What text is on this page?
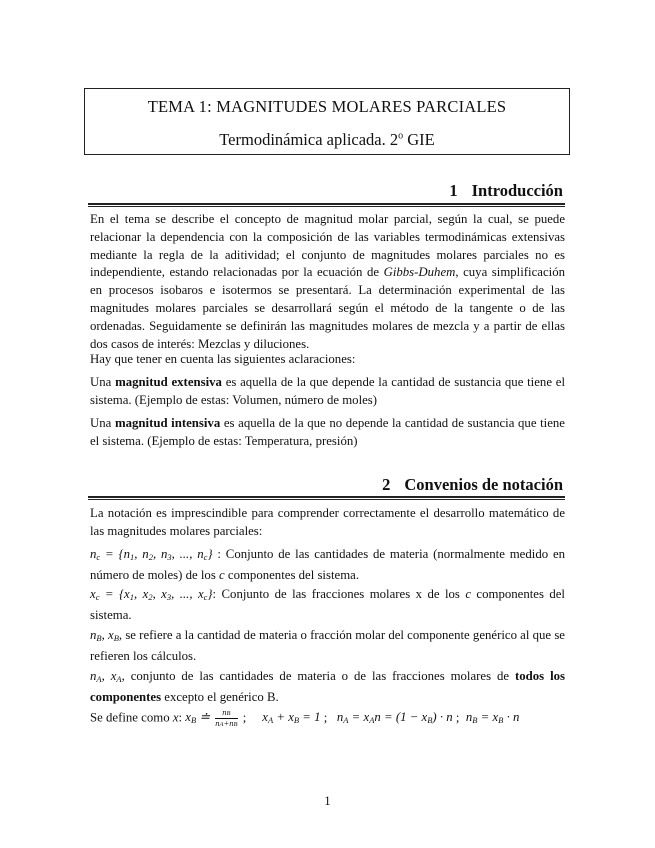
TEMA 1: MAGNITUDES MOLARES PARCIALES
Termodinámica aplicada. 2$^o$ GIE
1 Introducción
En el tema se describe el concepto de magnitud molar parcial, según la cual, se puede relacionar la dependencia con la composición de las variables termodinámicas extensivas mediante la regla de la aditividad; el conjunto de magnitudes molares parciales no es independiente, estando relacionadas por la ecuación de Gibbs-Duhem, cuya simplificación en procesos isobaros e isotermos se presentará. La determinación experimental de las magnitudes molares parciales se desarrollará según el método de la tangente o de las ordenadas. Seguidamente se definirán las magnitudes molares de mezcla y a partir de ellas dos casos de interés: Mezclas y diluciones.
Hay que tener en cuenta las siguientes aclaraciones:
Una magnitud extensiva es aquella de la que depende la cantidad de sustancia que tiene el sistema. (Ejemplo de estas: Volumen, número de moles)
Una magnitud intensiva es aquella de la que no depende la cantidad de sustancia que tiene el sistema. (Ejemplo de estas: Temperatura, presión)
2 Convenios de notación
La notación es imprescindible para comprender correctamente el desarrollo matemático de las magnitudes molares parciales:
$n_c = \{n_1$, $n_2$, $n_3$, ..., $n_c$} : Conjunto de las cantidades de materia (normalmente medido en número de moles) de los c componentes del sistema.
$x_c = \{x_1$, $x_2$, $x_3$, ..., $x_c$}: Conjunto de las fracciones molares x de los c componentes del sistema.
$n_B$, $x_B$, se refiere a la cantidad de materia o fracción molar del componente genérico al que se refieren los cálculos.
$n_A$, $x_A$, conjunto de las cantidades de materia o de las fracciones molares de todos los componentes excepto el genérico B.
Se define como x: $x_B$ ≐ $\frac{nB}{nA+nB}$ ;     $x_A + x_B = 1$ ;   $n_A = x_An = (1 - x_B) \cdot n$ ;  $n_B = x_B \cdot n$
1
